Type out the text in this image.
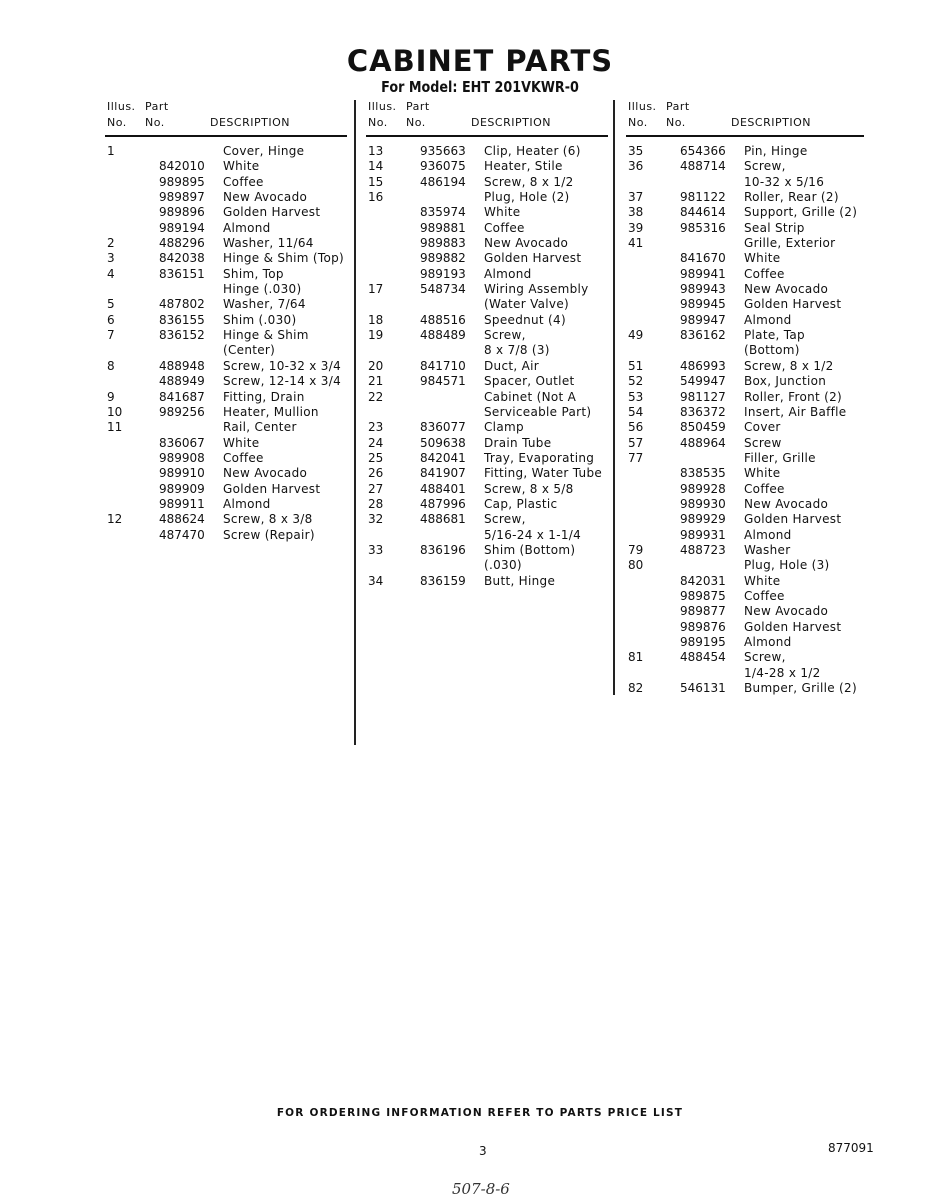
CABINET PARTS
For Model: EHT 201VKWR-0
Illus. Part
No. No.	DESCRIPTION
1	Cover, Hinge
842010 White
989895 Coffee
989897 New Avocado
989896 Golden Harvest
989194 Almond
2	488296 Washer, 11/64
3	842038 Hinge & Shim (Top)
4	836151 Shim, Top
Hinge (.030)
5	487802 Washer, 7/64
6	836155 Shim (.030)
7	836152 Hinge & Shim
(Center)
8	488948 Screw, 10-32 x 3/4
488949 Screw, 12-14 x 3/4
9	841687 Fitting, Drain
10	989256 Heater, Mullion
11	Rail, Center
836067 White
989908 Coffee
989910 New Avocado
989909 Golden Harvest
989911 Almond
12	488624 Screw, 8 x 3/8
487470 Screw (Repair)
Illus. Part
No. No.	DESCRIPTION
13	935663 Clip, Heater (6)
14	936075 Heater, Stile
15	486194 Screw, 8 x 1/2
16	Plug, Hole (2)
835974 White
989881 Coffee
989883 New Avocado
989882 Golden Harvest
989193 Almond
17	548734 Wiring Assembly
(Water Valve)
18	488516 Speednut (4)
19	488489 Screw,
8 x 7/8 (3)
20	841710 Duct, Air
21	984571 Spacer, Outlet
22	Cabinet (Not A
Serviceable Part)
23	836077 Clamp
24	509638 Drain Tube
25	842041 Tray, Evaporating
26	841907 Fitting, Water Tube
27	488401 Screw, 8 x 5/8
28	487996 Cap, Plastic
32	488681 Screw,
5/16-24 x 1-1/4
33	836196 Shim (Bottom)
(.030)
34	836159 Butt, Hinge
Illus. Part
No. No.	DESCRIPTION
35	654366 Pin, Hinge
36	488714 Screw,
10-32 x 5/16
37	981122 Roller, Rear (2)
38	844614 Support, Grille (2)
39	985316 Seal Strip
41	Grille, Exterior
841670 White
989941 Coffee
989943 New Avocado
989945 Golden Harvest
989947 Almond
49	836162 Plate, Tap
(Bottom)
51	486993 Screw, 8 x 1/2
52	549947 Box, Junction
53	981127 Roller, Front (2)
54	836372 Insert, Air Baffle
56	850459 Cover
57	488964 Screw
77	Filler, Grille
838535 White
989928 Coffee
989930 New Avocado
989929 Golden Harvest
989931 Almond
79	488723 Washer
80	Plug, Hole (3)
842031 White
989875 Coffee
989877 New Avocado
989876 Golden Harvest
989195 Almond
81	488454 Screw,
1/4-28 x 1/2
82	546131 Bumper, Grille (2)
FOR ORDERING INFORMATION REFER TO PARTS PRICE LIST
3	877091
507-8-6
